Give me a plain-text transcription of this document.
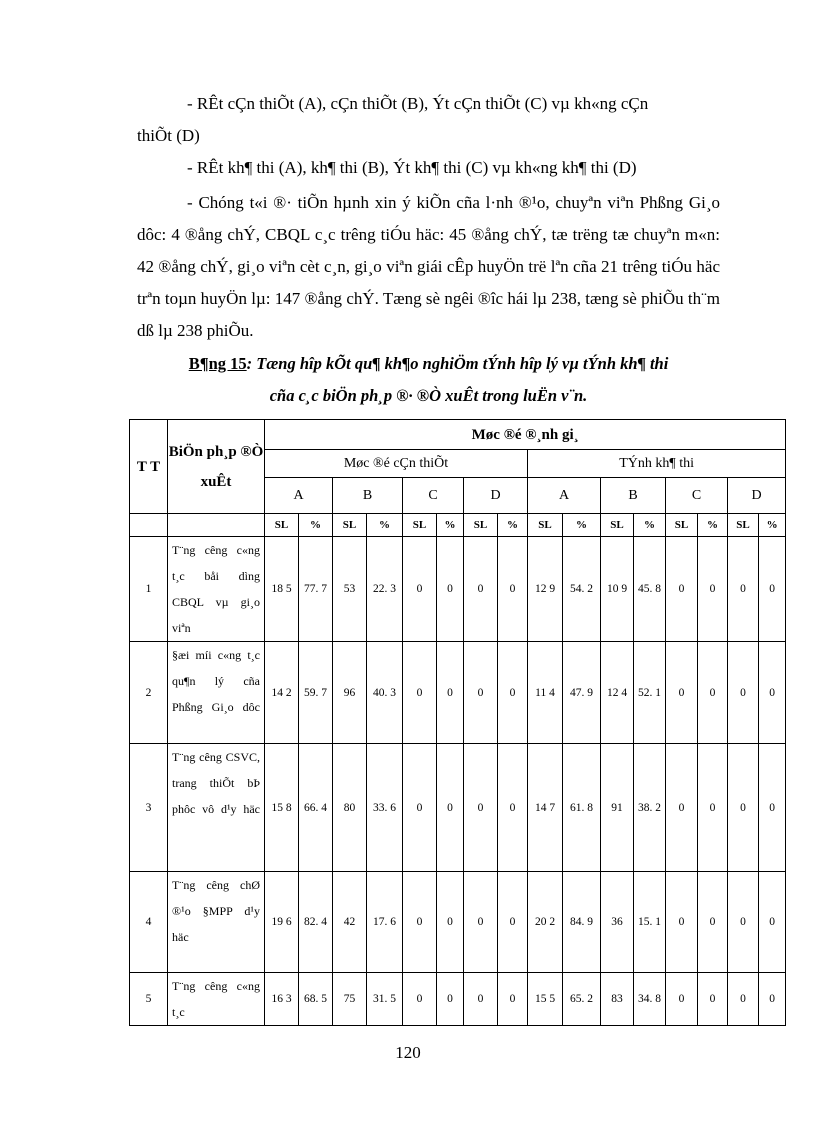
- RÊt cÇn thiÕt (A), cÇn thiÕt (B), Ýt cÇn thiÕt (C) vµ kh«ng cÇn
thiÕt (D)
- RÊt kh¶ thi (A), kh¶ thi (B), Ýt kh¶ thi (C) vµ kh«ng kh¶ thi (D)
- Chóng t«i ®· tiÕn hµnh xin ý kiÕn cña l·nh ®¹o, chuyªn viªn Phßng Gi¸o dôc: 4 ®ång chÝ, CBQL c¸c trêng tiÓu häc: 45 ®ång chÝ, tæ trëng tæ chuyªn m«n: 42 ®ång chÝ, gi¸o viªn cèt c¸n, gi¸o viªn giái cÊp huyÖn trë lªn cña 21 trêng tiÓu häc trªn toµn huyÖn lµ: 147 ®ång chÝ. Tæng sè ngêi ®îc hái lµ 238, tæng sè phiÕu th¨m dß lµ 238 phiÕu.
B¶ng 15: Tæng hîp kÕt qu¶ kh¶o nghiÖm tÝnh hîp lý vµ tÝnh kh¶ thi
cña c¸c biÖn ph¸p ®· ®Ò xuÊt trong luËn v¨n.
T T	BiÖn ph¸p ®Ò xuÊt	Møc ®é ®¸nh gi¸															
		Møc ®é cÇn thiÕt								TÝnh kh¶ thi							
		A		B		C		D		A		B		C		D	
		SL	%	SL	%	SL	%	SL	%	SL	%	SL	%	SL	%	SL	%
1	T¨ng cêng c«ng t¸c båi dìng CBQL vµ gi¸o viªn	18 5	77. 7	53	22. 3	0	0	0	0	12 9	54. 2	10 9	45. 8	0	0	0	0
2	§æi míi c«ng t¸c qu¶n lý cña Phßng Gi¸o dôc	14 2	59. 7	96	40. 3	0	0	0	0	11 4	47. 9	12 4	52. 1	0	0	0	0
3	T¨ng cêng CSVC, trang thiÕt bÞ phôc vô d¹y häc	15 8	66. 4	80	33. 6	0	0	0	0	14 7	61. 8	91	38. 2	0	0	0	0
4	T¨ng cêng chØ ®¹o §MPP d¹y häc	19 6	82. 4	42	17. 6	0	0	0	0	20 2	84. 9	36	15. 1	0	0	0	0
5	T¨ng cêng c«ng t¸c	16 3	68. 5	75	31. 5	0	0	0	0	15 5	65. 2	83	34. 8	0	0	0	0
120
